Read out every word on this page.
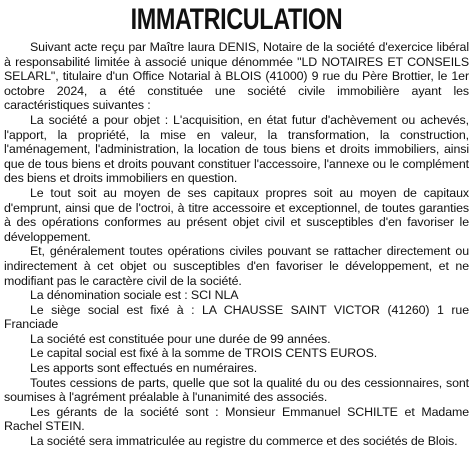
IMMATRICULATION

Suivant acte reçu par Maître laura DENIS, Notaire de la société d'exercice libéral à responsabilité limitée à associé unique dénommée "LD NOTAIRES ET CONSEILS SELARL", titulaire d'un Office Notarial à BLOIS (41000) 9 rue du Père Brottier, le 1er octobre 2024, a été constituée une société civile immobilière ayant les caractéristiques suivantes :

La société a pour objet : L'acquisition, en état futur d'achèvement ou achevés, l'apport, la propriété, la mise en valeur, la transformation, la construction, l'aménagement, l'administration, la location de tous biens et droits immobiliers, ainsi que de tous biens et droits pouvant constituer l'accessoire, l'annexe ou le complément des biens et droits immobiliers en question.

Le tout soit au moyen de ses capitaux propres soit au moyen de capitaux d'emprunt, ainsi que de l'octroi, à titre accessoire et exceptionnel, de toutes garanties à des opérations conformes au présent objet civil et susceptibles d'en favoriser le développement.

Et, généralement toutes opérations civiles pouvant se rattacher directement ou indirectement à cet objet ou susceptibles d'en favoriser le développement, et ne modifiant pas le caractère civil de la société.

La dénomination sociale est : SCI NLA

Le siège social est fixé à : LA CHAUSSE SAINT VICTOR (41260) 1 rue Franciade

La société est constituée pour une durée de 99 années.

Le capital social est fixé à la somme de TROIS CENTS EUROS.

Les apports sont effectués en numéraires.

Toutes cessions de parts, quelle que sot la qualité du ou des cessionnaires, sont soumises à l'agrément préalable à l'unanimité des associés.

Les gérants de la société sont : Monsieur Emmanuel SCHILTE et Madame Rachel STEIN.

La société sera immatriculée au registre du commerce et des sociétés de Blois.
